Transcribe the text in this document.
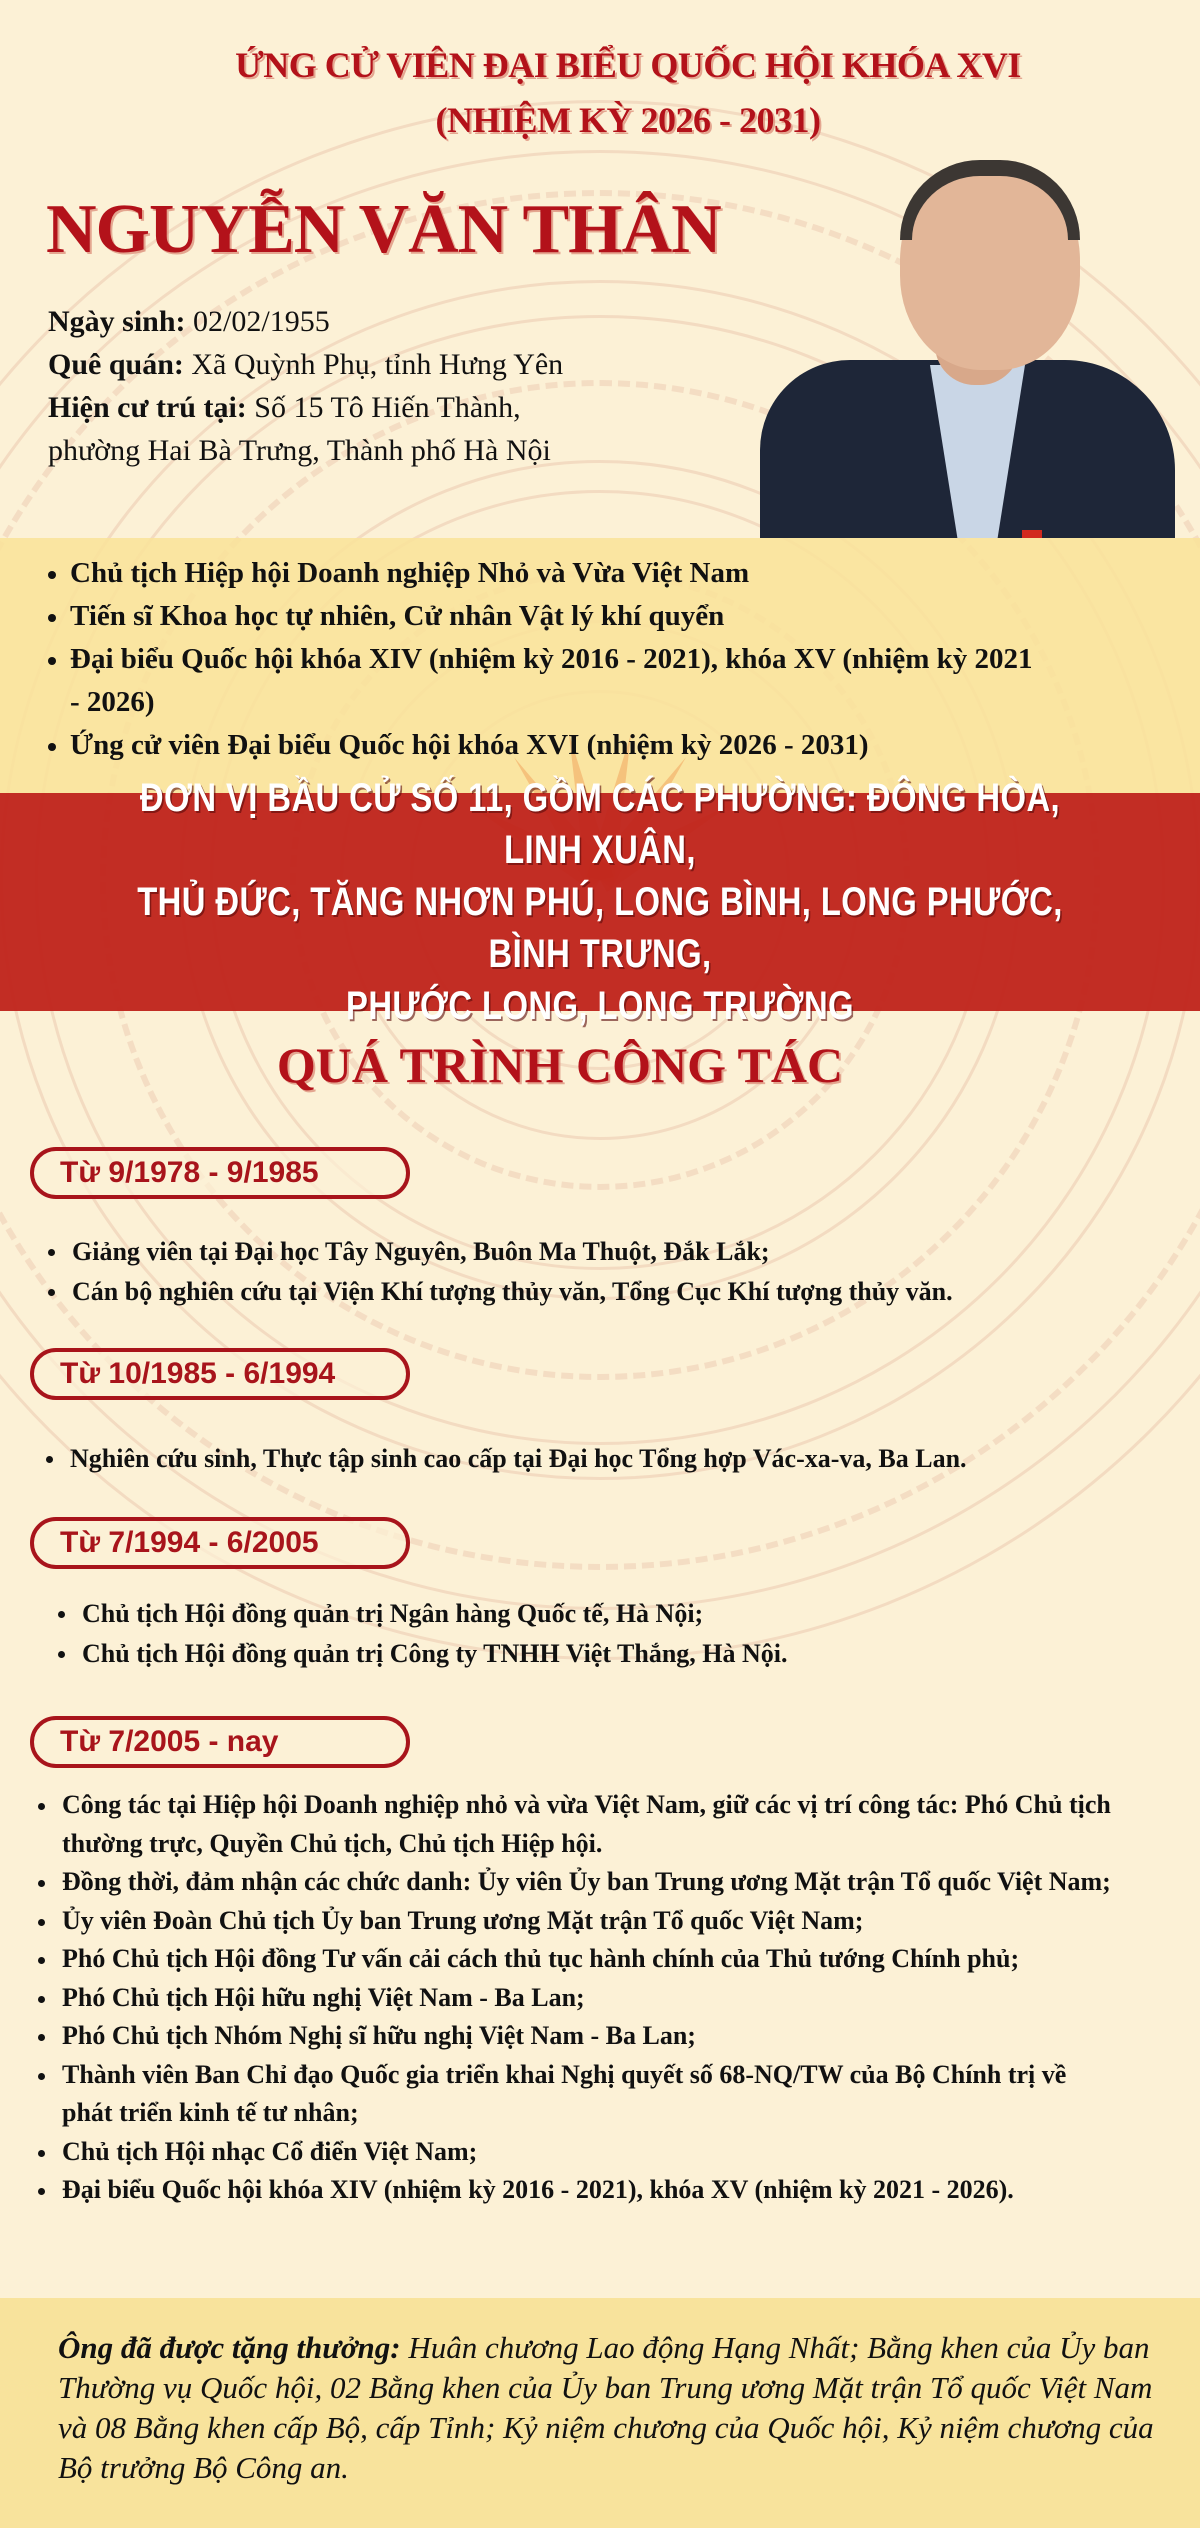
ỨNG CỬ VIÊN ĐẠI BIỂU QUỐC HỘI KHÓA XVI
(NHIỆM KỲ 2026 - 2031)
NGUYỄN VĂN THÂN
Ngày sinh: 02/02/1955
Quê quán: Xã Quỳnh Phụ, tỉnh Hưng Yên
Hiện cư trú tại: Số 15 Tô Hiến Thành,
phường Hai Bà Trưng, Thành phố Hà Nội
Chủ tịch Hiệp hội Doanh nghiệp Nhỏ và Vừa Việt Nam
Tiến sĩ Khoa học tự nhiên, Cử nhân Vật lý khí quyển
Đại biểu Quốc hội khóa XIV (nhiệm kỳ 2016 - 2021), khóa XV (nhiệm kỳ 2021 - 2026)
Ứng cử viên Đại biểu Quốc hội khóa XVI (nhiệm kỳ 2026 - 2031)
ĐƠN VỊ BẦU CỬ SỐ 11, GỒM CÁC PHƯỜNG: ĐÔNG HÒA, LINH XUÂN,
THỦ ĐỨC, TĂNG NHƠN PHÚ, LONG BÌNH, LONG PHƯỚC, BÌNH TRƯNG,
PHƯỚC LONG, LONG TRƯỜNG
QUÁ TRÌNH CÔNG TÁC
Từ 9/1978 - 9/1985
Giảng viên tại Đại học Tây Nguyên, Buôn Ma Thuột, Đắk Lắk;
Cán bộ nghiên cứu tại Viện Khí tượng thủy văn, Tổng Cục Khí tượng thủy văn.
Từ 10/1985 - 6/1994
Nghiên cứu sinh, Thực tập sinh cao cấp tại Đại học Tổng hợp Vác-xa-va, Ba Lan.
Từ 7/1994 - 6/2005
Chủ tịch Hội đồng quản trị Ngân hàng Quốc tế, Hà Nội;
Chủ tịch Hội đồng quản trị Công ty TNHH Việt Thắng, Hà Nội.
Từ 7/2005 - nay
Công tác tại Hiệp hội Doanh nghiệp nhỏ và vừa Việt Nam, giữ các vị trí công tác: Phó Chủ tịch thường trực, Quyền Chủ tịch, Chủ tịch Hiệp hội.
Đồng thời, đảm nhận các chức danh: Ủy viên Ủy ban Trung ương Mặt trận Tổ quốc Việt Nam;
Ủy viên Đoàn Chủ tịch Ủy ban Trung ương Mặt trận Tổ quốc Việt Nam;
Phó Chủ tịch Hội đồng Tư vấn cải cách thủ tục hành chính của Thủ tướng Chính phủ;
Phó Chủ tịch Hội hữu nghị Việt Nam - Ba Lan;
Phó Chủ tịch Nhóm Nghị sĩ hữu nghị Việt Nam - Ba Lan;
Thành viên Ban Chỉ đạo Quốc gia triển khai Nghị quyết số 68-NQ/TW của Bộ Chính trị về phát triển kinh tế tư nhân;
Chủ tịch Hội nhạc Cổ điển Việt Nam;
Đại biểu Quốc hội khóa XIV (nhiệm kỳ 2016 - 2021), khóa XV (nhiệm kỳ 2021 - 2026).
Ông đã được tặng thưởng: Huân chương Lao động Hạng Nhất; Bằng khen của Ủy ban Thường vụ Quốc hội, 02 Bằng khen của Ủy ban Trung ương Mặt trận Tổ quốc Việt Nam và 08 Bằng khen cấp Bộ, cấp Tỉnh; Kỷ niệm chương của Quốc hội, Kỷ niệm chương của Bộ trưởng Bộ Công an.
